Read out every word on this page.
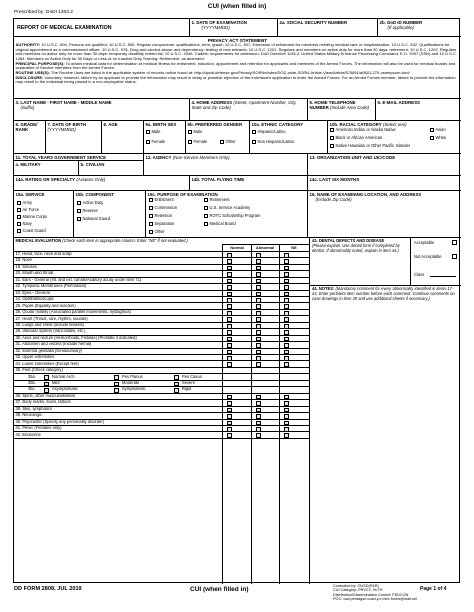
CUI (when filled in)
Prescribed by: DoDI 1304.2
REPORT OF MEDICAL EXAMINATION
1. DATE OF EXAMINATION
(YYYYMMDD)
2a. SOCIAL SECURITY NUMBER	2b. DoD ID NUMBER
(If applicable)
PRIVACY ACT STATEMENT
AUTHORITY: 10 U.S.C. 504, Persons not qualified; 10 U.S.C. 505, Regular components: qualifications, term, grade; 10 U.S.C. 507, Extension of enlistment for members needing medical care or hospitalization; 10 U.S.C. 532, Qualifications for original appointment as a commissioned officer; 10 U.S.C. 978, Drug and alcohol abuse and dependency: testing of new entrants; 10 U.S.C. 1201, Regulars and members on active duty for more than 30 days: retirement; 10 U.S.C. 1202, Regulars and members on active duty for more than 30 days: temporary disability retired list; 10 U.S.C. 4346, Cadets: requirements for admission; DoD Directive 1145.2, United States Military Entrance Processing Command; E.O. 9397 (SSN) and 10 U.S.C. 1264, Members on Active Duty for 30 Days or Less or on Inactive Duty Training: Retirement, as amended.
PRINCIPAL PURPOSE(S): To obtain medical data for determination of medical fitness for enlistment, induction, appointment and retention for applicants and members of the Armed Forces. The information will also be used for medical boards and separation of Service members from the Armed Forces.
ROUTINE USE(S): The Routine Uses are listed in the applicable system of records notice found at: http://dpcld.defense.gov/Privacy/SORNsIndex/DOD-wide-SORN-Article-View/Article/570651/a0601-270-usmepcom-dod/
DISCLOSURE: Voluntary; however, failure by an applicant to provide the information may result in delay or possible rejection of the individual's application to enter the Armed Forces. For an Armed Forces member, failure to provide the information may result in the individual being placed in a non-deployable status.
3. LAST NAME - FIRST NAME - MIDDLE NAME
(Suffix)
4. HOME ADDRESS (Street, Apartment Number, City, State and Zip Code)
5. HOME TELEPHONE NUMBER (Include Area Code)
5. E-MAIL ADDRESS
6. GRADE/ RANK
7. DATE OF BIRTH
(YYYYMMDD)
8. AGE	9a. BIRTH SEX
Male
Female
9b. PREFERRED GENDER
Male
Female	Other
10a. ETHNIC CATEGORY
Hispanic/Latino
Non Hispanic/Latino
10b. RACIAL CATEGORY (Select one)
American Indian or Alaska Native	Asian
Black or African American	White
Native Hawaiian or Other Pacific Islander
11. TOTAL YEARS GOVERNMENT SERVICE
a. MILITARY	b. CIVILIAN
12. AGENCY (Non-Service Members Only)	13. ORGANIZATION UNIT AND UIC/CODE
14a. RATING OR SPECIALTY (Aviators Only)	14b. TOTAL FLYING TIME	14c. LAST SIX MONTHS
15a. SERVICE
Army
Air Force
Marine Corps
Navy
Coast Guard
15b. COMPONENT
Active Duty
Reserve
National Guard
15c. PURPOSE OF EXAMINATION
Enlistment
Commission
Retention
Separation
Other
Retirement
U.S. Service Academy
ROTC Scholarship Program
Medical Board
16. NAME OF EXAMINING LOCATION, AND ADDRESS
(Include Zip Code)
MEDICAL EVALUATION (Check each item in appropriate column. Enter "NE" if not evaluated.)
Normal	Abnormal	NE
17. Head, face, neck and scalp
18. Nose
19. Sinuses
20. Mouth and throat
21. Ears - General (Int. and ext. canals/Auditory acuity under item 71)
22. Tympanic Membranes (Perforation)
23. Eyes - General
24. Ophthalmoscopic
25. Pupils (Equality and reaction)
26. Ocular motility (Associated parallel movements, nystagmus)
27. Heart (Thrust, size, rhythm, sounds)
28. Lungs and chest (Include breasts)
29. Vascular system (Varicosities, etc.)
30. Anus and rectum (Hemorrhoids, Fistulae) (Prostate if indicated)
31. Abdomen and viscera (Include hernia)
32. External genitalia (Genitourinary)
33. Upper extremities
34. Lower extremities (Except feet)
35. Feet (Check category)
35a.	Normal Arch	Pes Planus	Pes Cavus
35b.	Mild	Moderate	Severe
35c.	Asymptomatic	Symptomatic	Rigid
36. Spine, other musculoskeletal
37. Body marks, scars, tattoos
38. Skin, lymphatics
39. Neurologic
40. Psychiatric (Specify any personality disorder)
41. Pelvic (Females only)
42. Endocrine
43. DENTAL DEFECTS AND DISEASE
(Please explain. Use dental form if completed by dentist. If abnormality noted, explain in item 44.)
Acceptable
Not Acceptable
Class
44. NOTES: (Mandatory comment for every abnormality identified in items 17 - 43. Enter pertinent item number before each comment. Continue comments on case drawings in item 39 and use additional sheets if necessary.)
DD FORM 2808, JUL 2019	CUI (when filled in)	Controlled by: OUSD(P&R)
CUI Category: PRVCY, HLTH
Distribution/Dissemination Control: FEDCON
POC: osd.pentagon.ousd-p-r.mbx.forms@mail.mil
Page 1 of 4
